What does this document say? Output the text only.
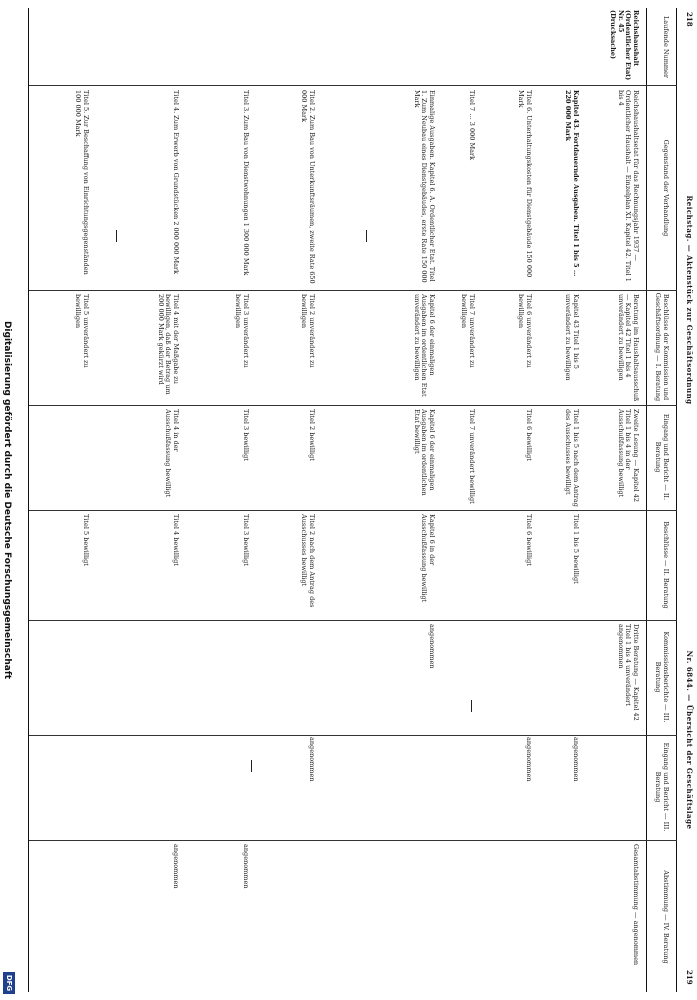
218
219
Reichstag. — Aktenstück zur Geschäftsordnung
Nr. 6844. — Übersicht der Geschäftslage
Laufende Nummer
Gegenstand der Verhandlung
Beschlüsse der Kommission und Geschäftsordnung — I. Beratung
Eingang und Bericht — II. Beratung
Beschlüsse — II. Beratung
Kommissionsberichte — III. Beratung
Eingang und Bericht — III. Beratung
Abstimmung — IV. Beratung
Reichshaushalt (Ordentlicher Etat) Nr. 45 (Drucksache)
Reichshaushaltsetat für das Rechnungsjahr 1937 — Ordentlicher Haushalt — Einzelplan XI. Kapitel 42. Titel 1 bis 4
Beratung im Haushaltsausschuß — Kapitel 42 Titel 1 bis 4 unverändert zu bewilligen
Zweite Lesung — Kapitel 42 Titel 1 bis 4 in der Ausschußfassung bewilligt
Dritte Beratung — Kapitel 42 Titel 1 bis 4 unverändert angenommen
Gesamtabstimmung — angenommen
Kapitel 43. Fortdauernde Ausgaben. Titel 1 bis 5 … 220 000 Mark
Kapitel 43 Titel 1 bis 5 unverändert zu bewilligen
Titel 1 bis 5 nach dem Antrag des Ausschusses bewilligt
Titel 1 bis 5 bewilligt
angenommen
Titel 6. Unterhaltungskosten für Dienstgebäude 150 000 Mark
Titel 6 unverändert zu bewilligen
Titel 6 bewilligt
Titel 6 bewilligt
angenommen
Titel 7 … 3 000 Mark
Titel 7 unverändert zu bewilligen
Titel 7 unverändert bewilligt
Einmalige Ausgaben. Kapitel 6. A. Ordentlicher Etat. Titel 1. Zum Neubau eines Dienstgebäudes, erste Rate 150 000 Mark
Kapitel 6 der einmaligen Ausgaben im ordentlichen Etat unverändert zu bewilligen
Kapitel 6 der einmaligen Ausgaben im ordentlichen Etat bewilligt
Kapitel 6 in der Ausschußfassung bewilligt
angenommen
Titel 2. Zum Bau von Unterkunftsräumen, zweite Rate 650 000 Mark
Titel 2 unverändert zu bewilligen
Titel 2 bewilligt
Titel 2 nach dem Antrag des Ausschusses bewilligt
angenommen
Titel 3. Zum Bau von Dienstwohnungen 1 300 000 Mark
Titel 3 unverändert zu bewilligen
Titel 3 bewilligt
Titel 3 bewilligt
angenommen
Titel 4. Zum Erwerb von Grundstücken 2 000 000 Mark
Titel 4 mit der Maßgabe zu bewilligen, daß der Betrag um 200 000 Mark gekürzt wird
Titel 4 in der Ausschußfassung bewilligt
Titel 4 bewilligt
angenommen
Titel 5. Zur Beschaffung von Einrichtungsgegenständen 100 000 Mark
Titel 5 unverändert zu bewilligen
Titel 5 bewilligt
Digitalisierung gefördert durch die Deutsche Forschungsgemeinschaft
DFG
